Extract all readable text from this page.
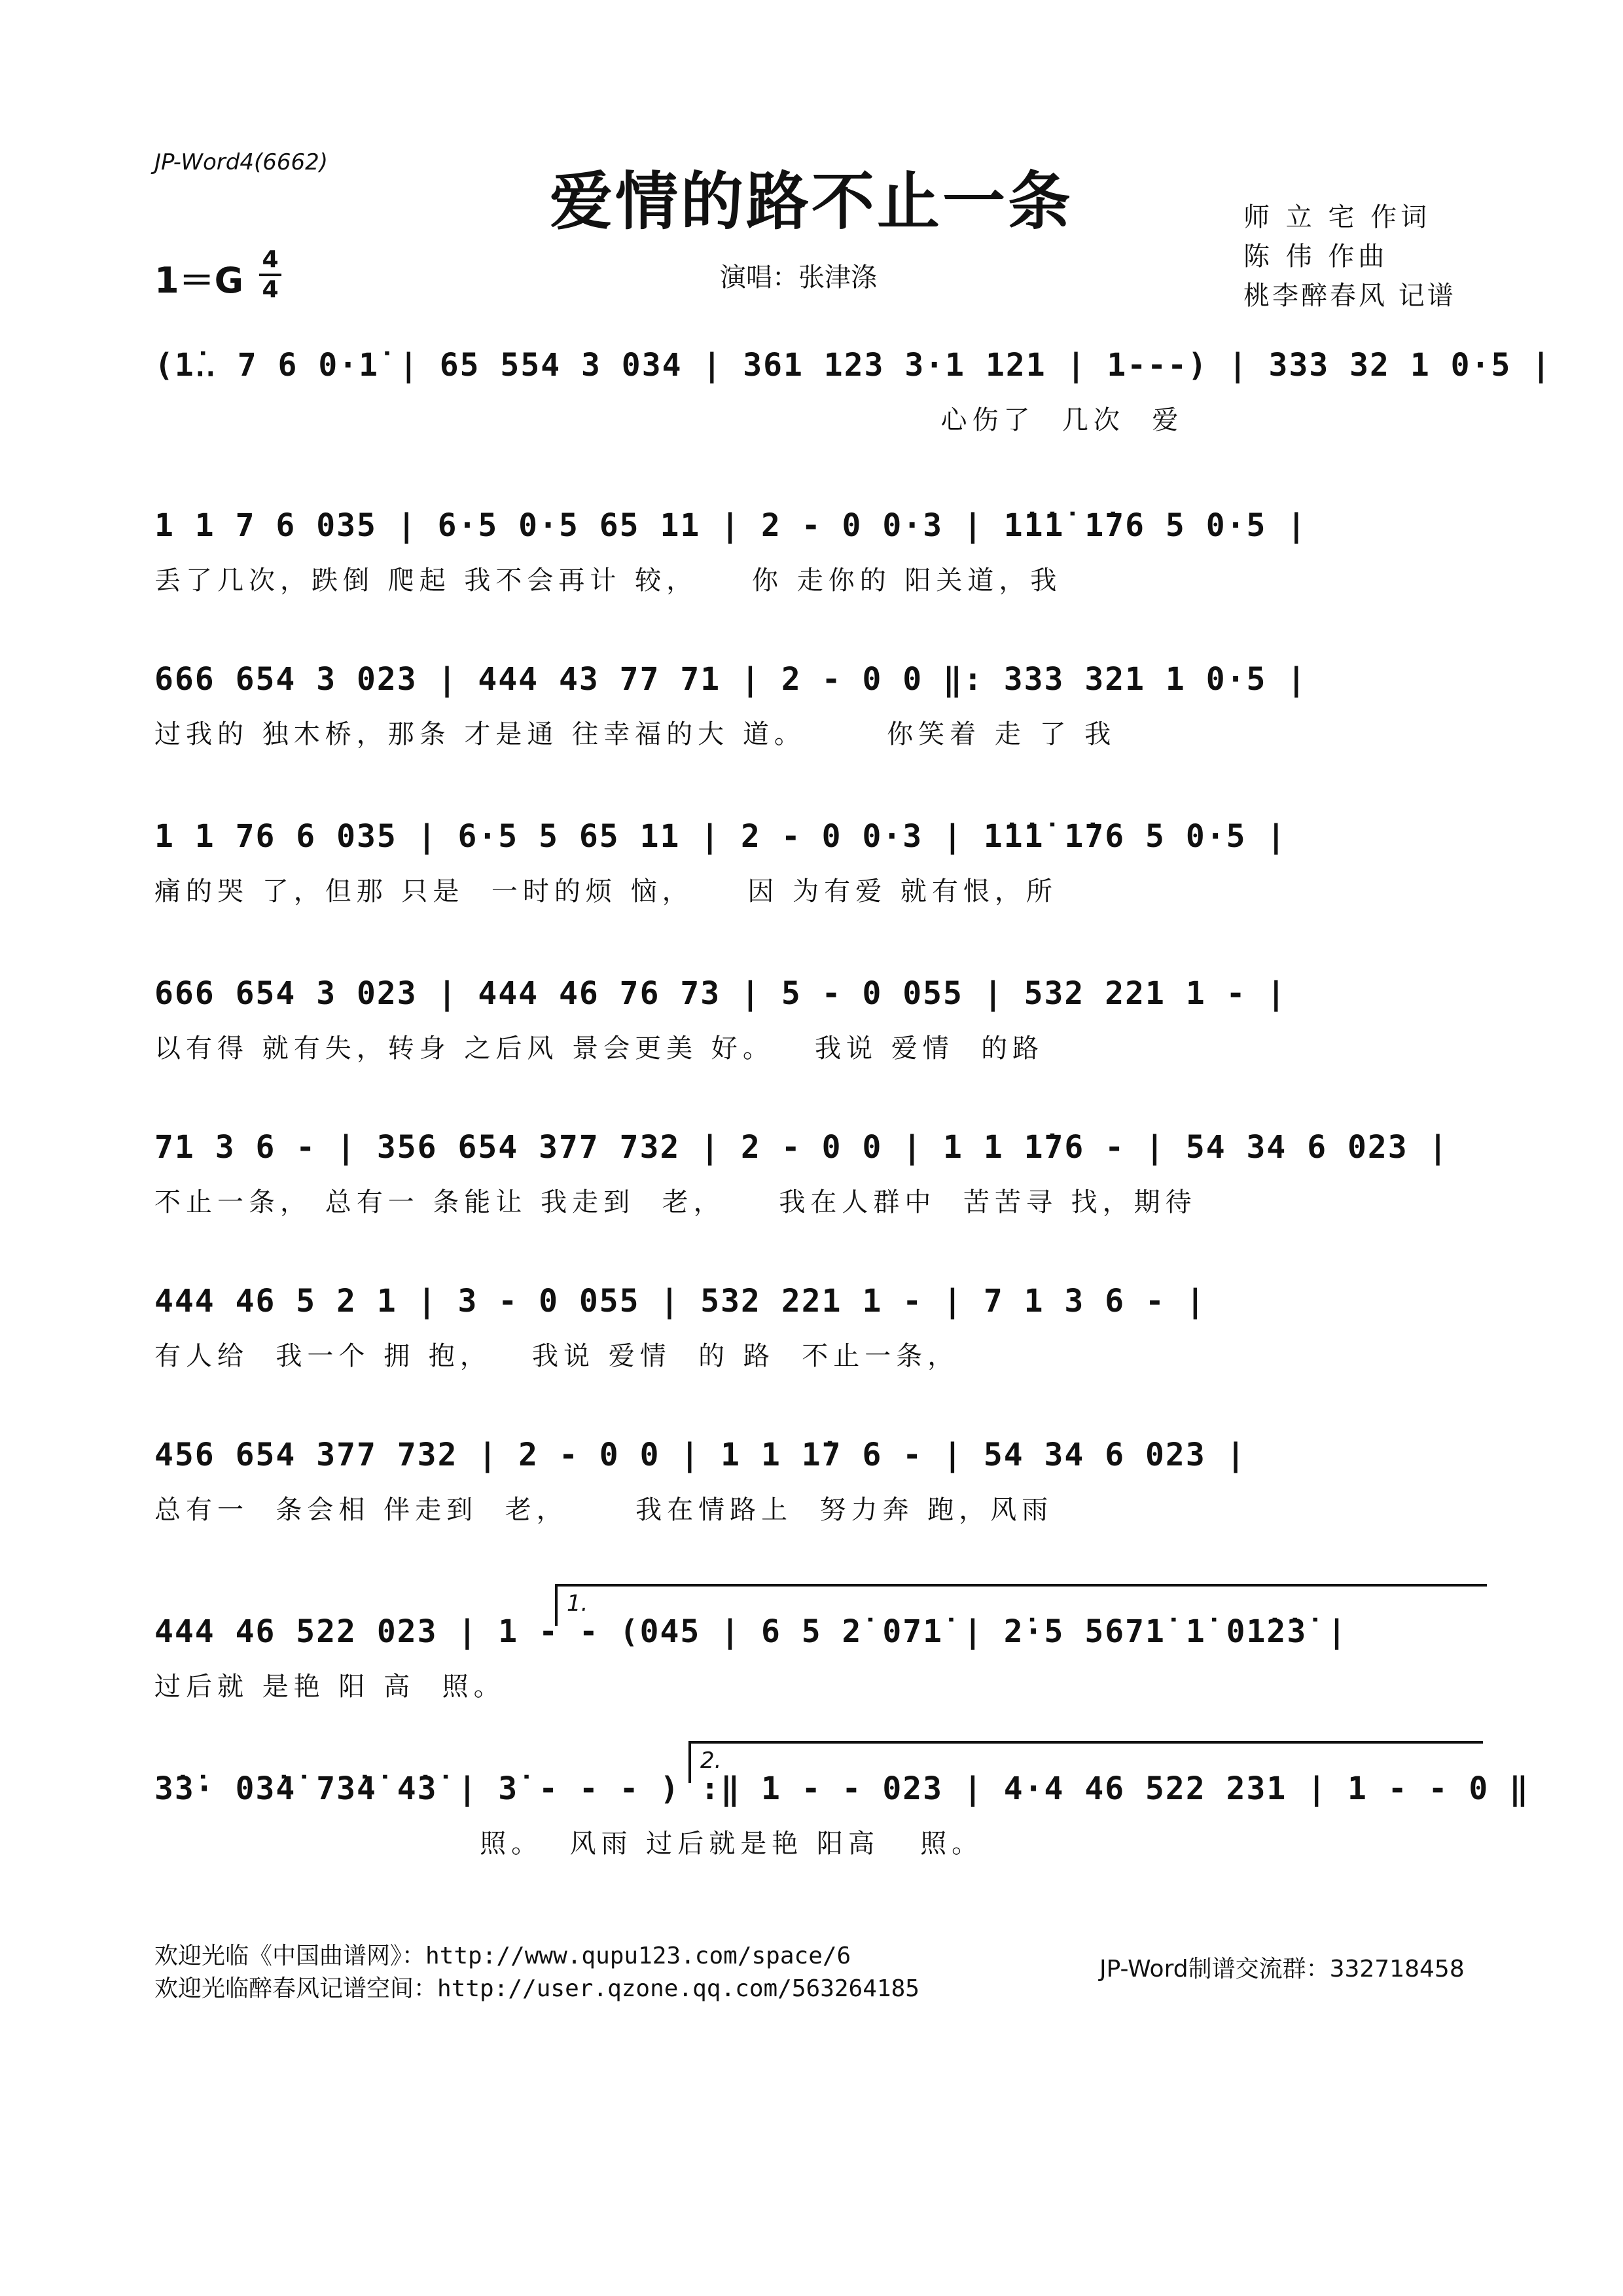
JP-Word4(6662)
爱情的路不止一条
1＝G
4
4	演唱：张津涤
师 立 宅 作词
陈 伟 作曲
桃李醉春风 记谱
(1̇‥ 7 6 0·1̇ | 65 554 3 034 | 361 123 3·1 121 | 1---) | 333 32 1 0·5 |
心伤了  几次  爱
1 1 7 6 035 | 6·5 0·5 65 11 | 2 - 0 0·3 | 1̇1̇1̇ 1̇76 5 0·5 |
丢了几次，跌倒 爬起 我不会再计 较，    你 走你的 阳关道，我
666 654 3 023 | 444 43 77 71 | 2 - 0 0 ‖: 333 321 1 0·5 |
过我的 独木桥，那条 才是通 往幸福的大 道。      你笑着 走 了 我
1 1 76 6 035 | 6·5 5 65 11 | 2 - 0 0·3 | 1̇1̇1̇ 1̇76 5 0·5 |
痛的哭 了，但那 只是  一时的烦 恼，    因 为有爱 就有恨，所
666 654 3 023 | 444 46 76 73 | 5 - 0 055 | 532 221 1 - |
以有得 就有失，转身 之后风 景会更美 好。   我说 爱情  的路
71 3 6 - | 356 654 377 732 | 2 - 0 0 | 1 1 1̇76 - | 54 34 6 023 |
不止一条， 总有一 条能让 我走到  老，    我在人群中  苦苦寻 找，期待
444 46 5 2 1 | 3 - 0 055 | 532 221 1 - | 7 1 3 6 - |
有人给  我一个 拥 抱，   我说 爱情  的 路  不止一条，
456 654 377 732 | 2 - 0 0 | 1 1 1̇7 6 - | 54 34 6 023 |
总有一  条会相 伴走到  老，     我在情路上  努力奔 跑，风雨
1.
444 46 522 023 | 1 - - (045 | 6 5 2̇ 071̇ | 2̇·5 5671̇ 1̇ 01̇2̇3̇ |
过后就 是艳 阳 高  照。
2.
3̇3̇· 03̇4̇ 73̇4̇ 4̇3̇ | 3̇ - - - ) :‖ 1 - - 023 | 4·4 46 522 231 | 1 - - 0 ‖
照。  风雨 过后就是艳 阳高   照。
欢迎光临《中国曲谱网》：http://www.qupu123.com/space/6
欢迎光临醉春风记谱空间：http://user.qzone.qq.com/563264185
JP-Word制谱交流群：332718458
